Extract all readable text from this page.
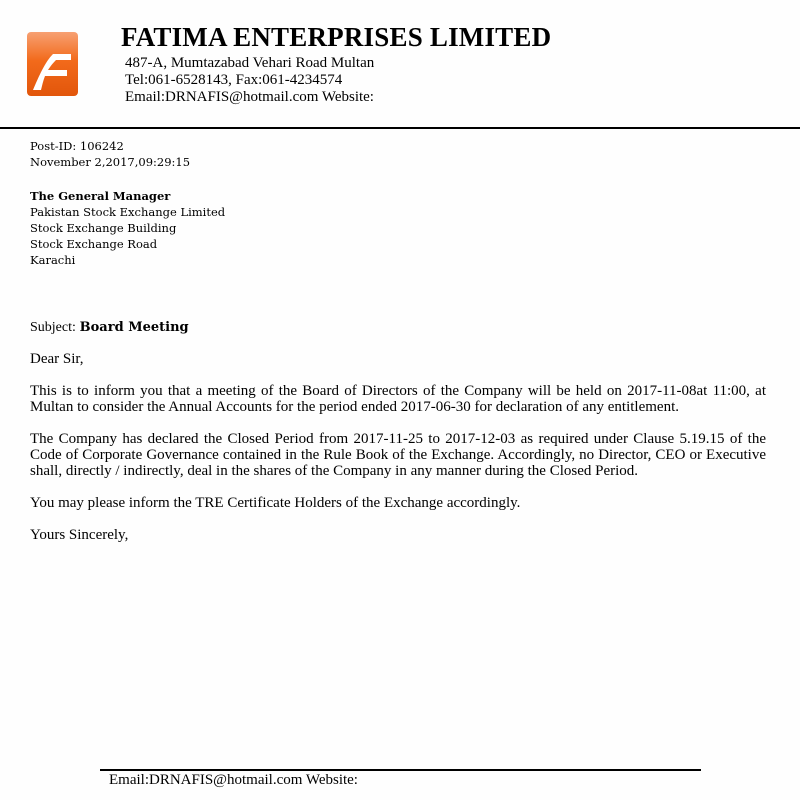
FATIMA ENTERPRISES LIMITED
487-A, Mumtazabad Vehari Road Multan
Tel:061-6528143, Fax:061-4234574
Email:DRNAFIS@hotmail.com Website:
Post-ID: 106242
November 2,2017,09:29:15
The General Manager
Pakistan Stock Exchange Limited
Stock Exchange Building
Stock Exchange Road
Karachi
Subject: Board Meeting
Dear Sir,
This is to inform you that a meeting of the Board of Directors of the Company will be held on 2017-11-08at 11:00, at Multan to consider the Annual Accounts for the period ended 2017-06-30 for declaration of any entitlement.
The Company has declared the Closed Period from 2017-11-25 to 2017-12-03 as required under Clause 5.19.15 of the Code of Corporate Governance contained in the Rule Book of the Exchange. Accordingly, no Director, CEO or Executive shall, directly / indirectly, deal in the shares of the Company in any manner during the Closed Period.
You may please inform the TRE Certificate Holders of the Exchange accordingly.
Yours Sincerely,
Email:DRNAFIS@hotmail.com Website:
